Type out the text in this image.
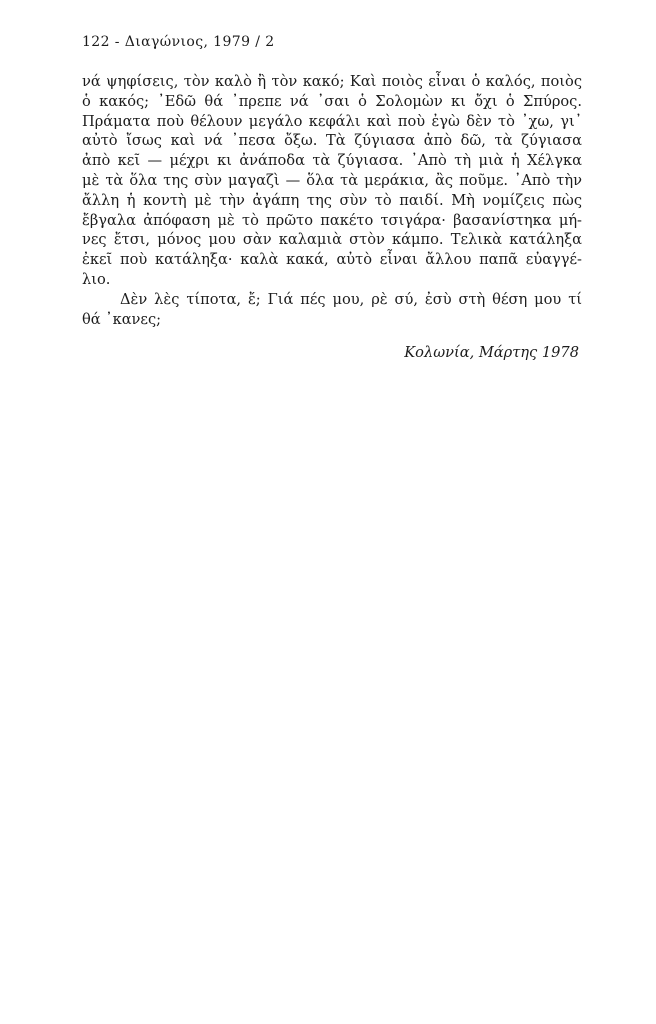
122 - Διαγώνιος, 1979 / 2
νά ψηφίσεις, τὸν καλὸ ἢ τὸν κακό; Καὶ ποιὸς εἶναι ὁ καλός, ποιὸς
ὁ κακός; ᾽Εδῶ θά ᾽πρεπε νά ᾽σαι ὁ Σολομὼν κι ὄχι ὁ Σπύρος.
Πράματα ποὺ θέλουν μεγάλο κεφάλι καὶ ποὺ ἐγὼ δὲν τὸ ᾽χω, γι᾽
αὐτὸ ἴσως καὶ νά ᾽πεσα ὄξω. Τὰ ζύγιασα ἀπὸ δῶ, τὰ ζύγιασα
ἀπὸ κεῖ — μέχρι κι ἀνάποδα τὰ ζύγιασα. ᾽Απὸ τὴ μιὰ ἡ Χέλγκα
μὲ τὰ ὅλα της σὺν μαγαζὶ — ὅλα τὰ μεράκια, ἂς ποῦμε. ᾽Απὸ τὴν
ἄλλη ἡ κοντὴ μὲ τὴν ἀγάπη της σὺν τὸ παιδί. Μὴ νομίζεις πὼς
ἔβγαλα ἀπόφαση μὲ τὸ πρῶτο πακέτο τσιγάρα· βασανίστηκα μή-
νες ἔτσι, μόνος μου σὰν καλαμιὰ στὸν κάμπο. Τελικὰ κατάληξα
ἐκεῖ ποὺ κατάληξα· καλὰ κακά, αὐτὸ εἶναι ἄλλου παπᾶ εὐαγγέ-
λιο.
Δὲν λὲς τίποτα, ἔ; Γιά πές μου, ρὲ σύ, ἐσὺ στὴ θέση μου τί
θά ᾽κανες;
Κολωνία, Μάρτης 1978
